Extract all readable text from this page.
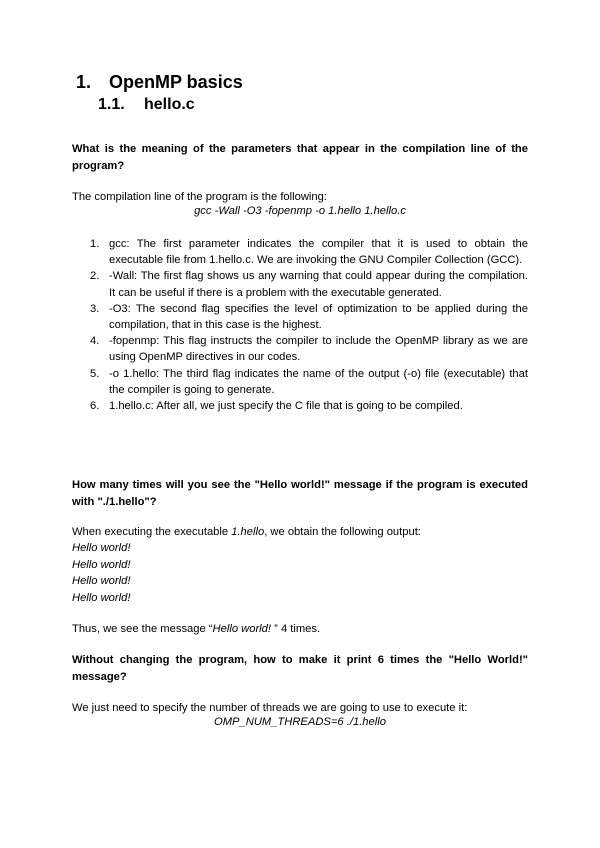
1. OpenMP basics
1.1. hello.c
What is the meaning of the parameters that appear in the compilation line of the program?
The compilation line of the program is the following:
gcc -Wall -O3 -fopenmp -o 1.hello 1.hello.c
1. gcc: The first parameter indicates the compiler that it is used to obtain the executable file from 1.hello.c. We are invoking the GNU Compiler Collection (GCC).
2. -Wall: The first flag shows us any warning that could appear during the compilation. It can be useful if there is a problem with the executable generated.
3. -O3: The second flag specifies the level of optimization to be applied during the compilation, that in this case is the highest.
4. -fopenmp: This flag instructs the compiler to include the OpenMP library as we are using OpenMP directives in our codes.
5. -o 1.hello: The third flag indicates the name of the output (-o) file (executable) that the compiler is going to generate.
6. 1.hello.c: After all, we just specify the C file that is going to be compiled.
How many times will you see the "Hello world!" message if the program is executed with "./1.hello"?
When executing the executable 1.hello, we obtain the following output:
Hello world!
Hello world!
Hello world!
Hello world!
Thus, we see the message “Hello world! ” 4 times.
Without changing the program, how to make it print 6 times the "Hello World!" message?
We just need to specify the number of threads we are going to use to execute it:
OMP_NUM_THREADS=6 ./1.hello
